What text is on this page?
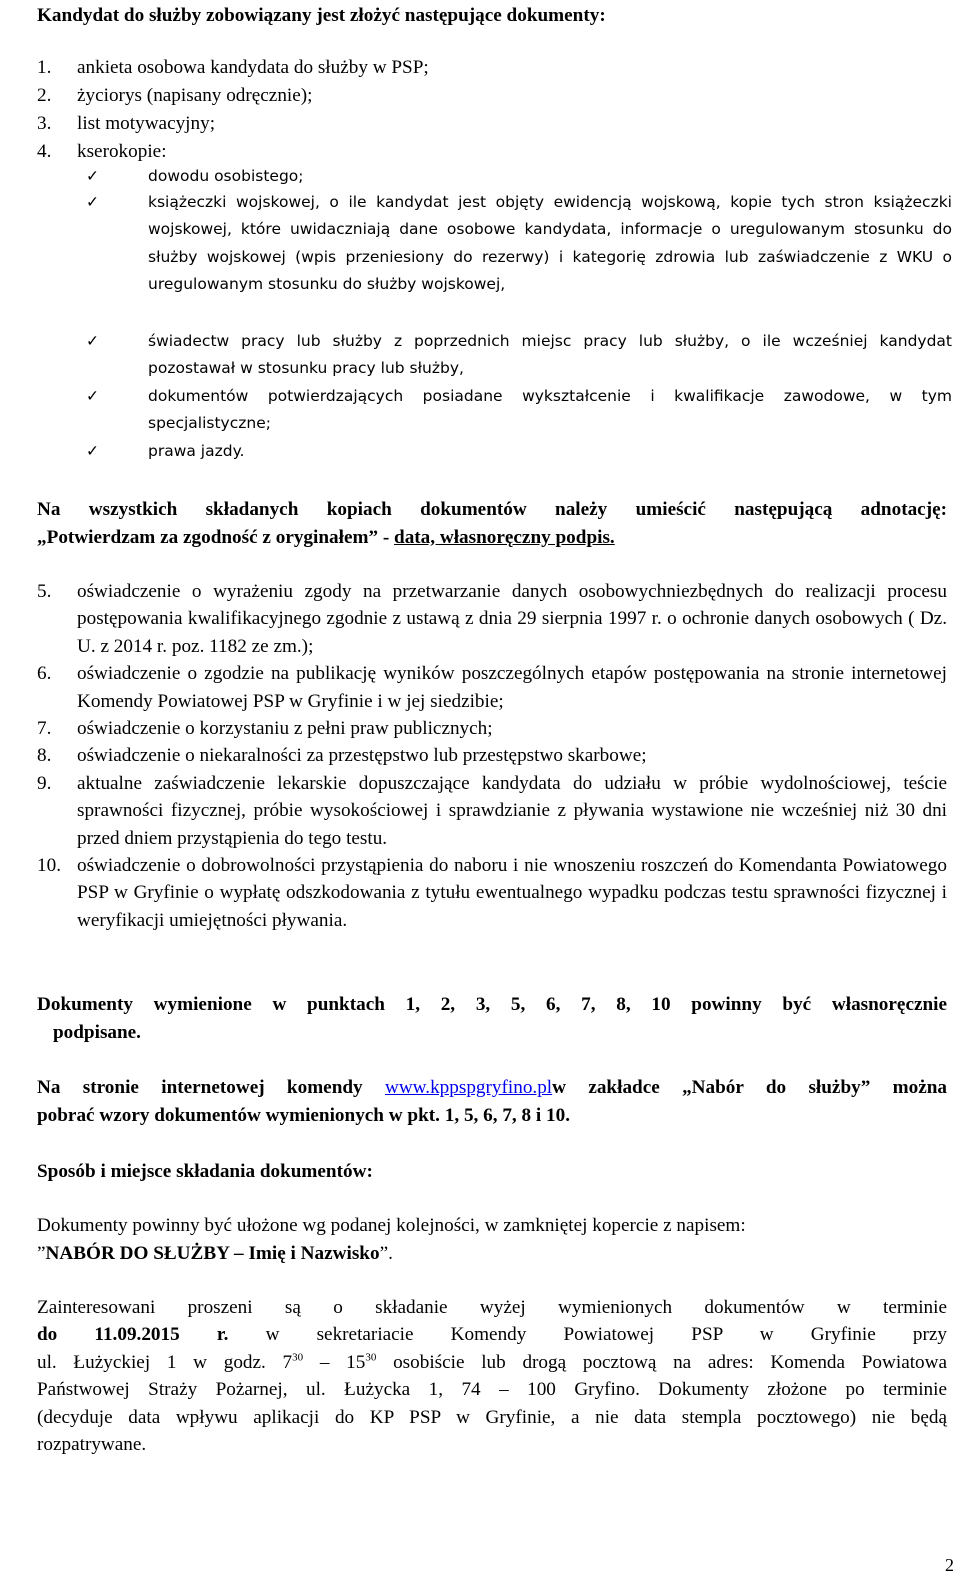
Kandydat do służby zobowiązany jest złożyć następujące dokumenty:
1.	ankieta osobowa kandydata do służby w PSP;
2.	życiorys (napisany odręcznie);
3.	list motywacyjny;
4.	kserokopie:
✓	dowodu osobistego;
✓	książeczki wojskowej, o ile kandydat jest objęty ewidencją wojskową, kopie tych stron książeczki wojskowej, które uwidaczniają dane osobowe kandydata, informacje o uregulowanym stosunku do służby wojskowej (wpis przeniesiony do rezerwy) i kategorię zdrowia lub zaświadczenie z WKU o uregulowanym stosunku do służby wojskowej,
✓	świadectw pracy lub służby z poprzednich miejsc pracy lub służby, o ile wcześniej kandydat pozostawał w stosunku pracy lub służby,
✓	dokumentów potwierdzających posiadane wykształcenie i kwalifikacje zawodowe, w tym specjalistyczne;
✓	prawa jazdy.
Na wszystkich składanych kopiach dokumentów należy umieścić następującą adnotację:
„Potwierdzam za zgodność z oryginałem” - data, własnoręczny podpis.
5.	oświadczenie o wyrażeniu zgody na przetwarzanie danych osobowychniezbędnych do realizacji procesu postępowania kwalifikacyjnego zgodnie z ustawą z dnia 29 sierpnia 1997 r. o ochronie danych osobowych ( Dz. U. z 2014 r. poz. 1182 ze zm.);
6.	oświadczenie o zgodzie na publikację wyników poszczególnych etapów postępowania na stronie internetowej Komendy Powiatowej PSP w Gryfinie i w jej siedzibie;
7.	oświadczenie o korzystaniu z pełni praw publicznych;
8.	oświadczenie o niekaralności za przestępstwo lub przestępstwo skarbowe;
9.	aktualne zaświadczenie lekarskie dopuszczające kandydata do udziału w próbie wydolnościowej, teście sprawności fizycznej, próbie wysokościowej i sprawdzianie z pływania wystawione nie wcześniej niż 30 dni przed dniem przystąpienia do tego testu.
10. oświadczenie o dobrowolności przystąpienia do naboru i nie wnoszeniu roszczeń do Komendanta Powiatowego PSP w Gryfinie o wypłatę odszkodowania z tytułu ewentualnego wypadku podczas testu sprawności fizycznej i weryfikacji umiejętności pływania.
Dokumenty wymienione w punktach 1, 2, 3, 5, 6, 7, 8, 10 powinny być własnoręcznie
podpisane.
Na stronie internetowej komendy www.kppspgryfino.plw zakładce „Nabór do służby” można
pobrać wzory dokumentów wymienionych w pkt. 1, 5, 6, 7, 8 i 10.
Sposób i miejsce składania dokumentów:
Dokumenty powinny być ułożone wg podanej kolejności, w zamkniętej kopercie z napisem:
”NABÓR DO SŁUŻBY – Imię i Nazwisko”.
Zainteresowani proszeni są o składanie wyżej wymienionych dokumentów w terminie
do 11.09.2015 r. w sekretariacie Komendy Powiatowej PSP w Gryfinie przy
ul. Łużyckiej 1 w godz. $7^{30} - 15^{30}$ osobiście lub drogą pocztową na adres: Komenda Powiatowa
Państwowej Straży Pożarnej, ul. Łużycka 1, 74 – 100 Gryfino. Dokumenty złożone po terminie
(decyduje data wpływu aplikacji do KP PSP w Gryfinie, a nie data stempla pocztowego) nie będą
rozpatrywane.
2
